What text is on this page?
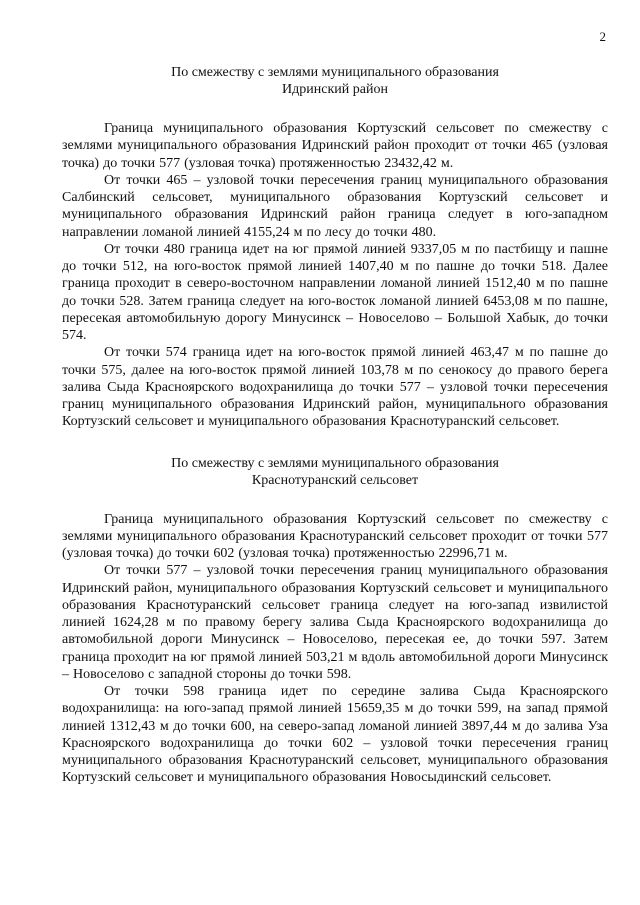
2

По смежеству с землями муниципального образования
Идринский район

Граница муниципального образования Кортузский сельсовет по смежеству с землями муниципального образования Идринский район проходит от точки 465 (узловая точка) до точки 577 (узловая точка) протяженностью 23432,42 м.

От точки 465 – узловой точки пересечения границ муниципального образования Салбинский сельсовет, муниципального образования Кортузский сельсовет и муниципального образования Идринский район граница следует в юго-западном направлении ломаной линией 4155,24 м по лесу до точки 480.

От точки 480 граница идет на юг прямой линией 9337,05 м по пастбищу и пашне до точки 512, на юго-восток прямой линией 1407,40 м по пашне до точки 518. Далее граница проходит в северо-восточном направлении ломаной линией 1512,40 м по пашне до точки 528. Затем граница следует на юго-восток ломаной линией 6453,08 м по пашне, пересекая автомобильную дорогу Минусинск – Новоселово – Большой Хабык, до точки 574.

От точки 574 граница идет на юго-восток прямой линией 463,47 м по пашне до точки 575, далее на юго-восток прямой линией 103,78 м по сенокосу до правого берега залива Сыда Красноярского водохранилища до точки 577 – узловой точки пересечения границ муниципального образования Идринский район, муниципального образования Кортузский сельсовет и муниципального образования Краснотуранский сельсовет.

По смежеству с землями муниципального образования
Краснотуранский сельсовет

Граница муниципального образования Кортузский сельсовет по смежеству с землями муниципального образования Краснотуранский сельсовет проходит от точки 577 (узловая точка) до точки 602 (узловая точка) протяженностью 22996,71 м.

От точки 577 – узловой точки пересечения границ муниципального образования Идринский район, муниципального образования Кортузский сельсовет и муниципального образования Краснотуранский сельсовет граница следует на юго-запад извилистой линией 1624,28 м по правому берегу залива Сыда Красноярского водохранилища до автомобильной дороги Минусинск – Новоселово, пересекая ее, до точки 597. Затем граница проходит на юг прямой линией 503,21 м вдоль автомобильной дороги Минусинск – Новоселово с западной стороны до точки 598.

От точки 598 граница идет по середине залива Сыда Красноярского водохранилища: на юго-запад прямой линией 15659,35 м до точки 599, на запад прямой линией 1312,43 м до точки 600, на северо-запад ломаной линией 3897,44 м до залива Уза Красноярского водохранилища до точки 602 – узловой точки пересечения границ муниципального образования Краснотуранский сельсовет, муниципального образования Кортузский сельсовет и муниципального образования Новосыдинский сельсовет.
